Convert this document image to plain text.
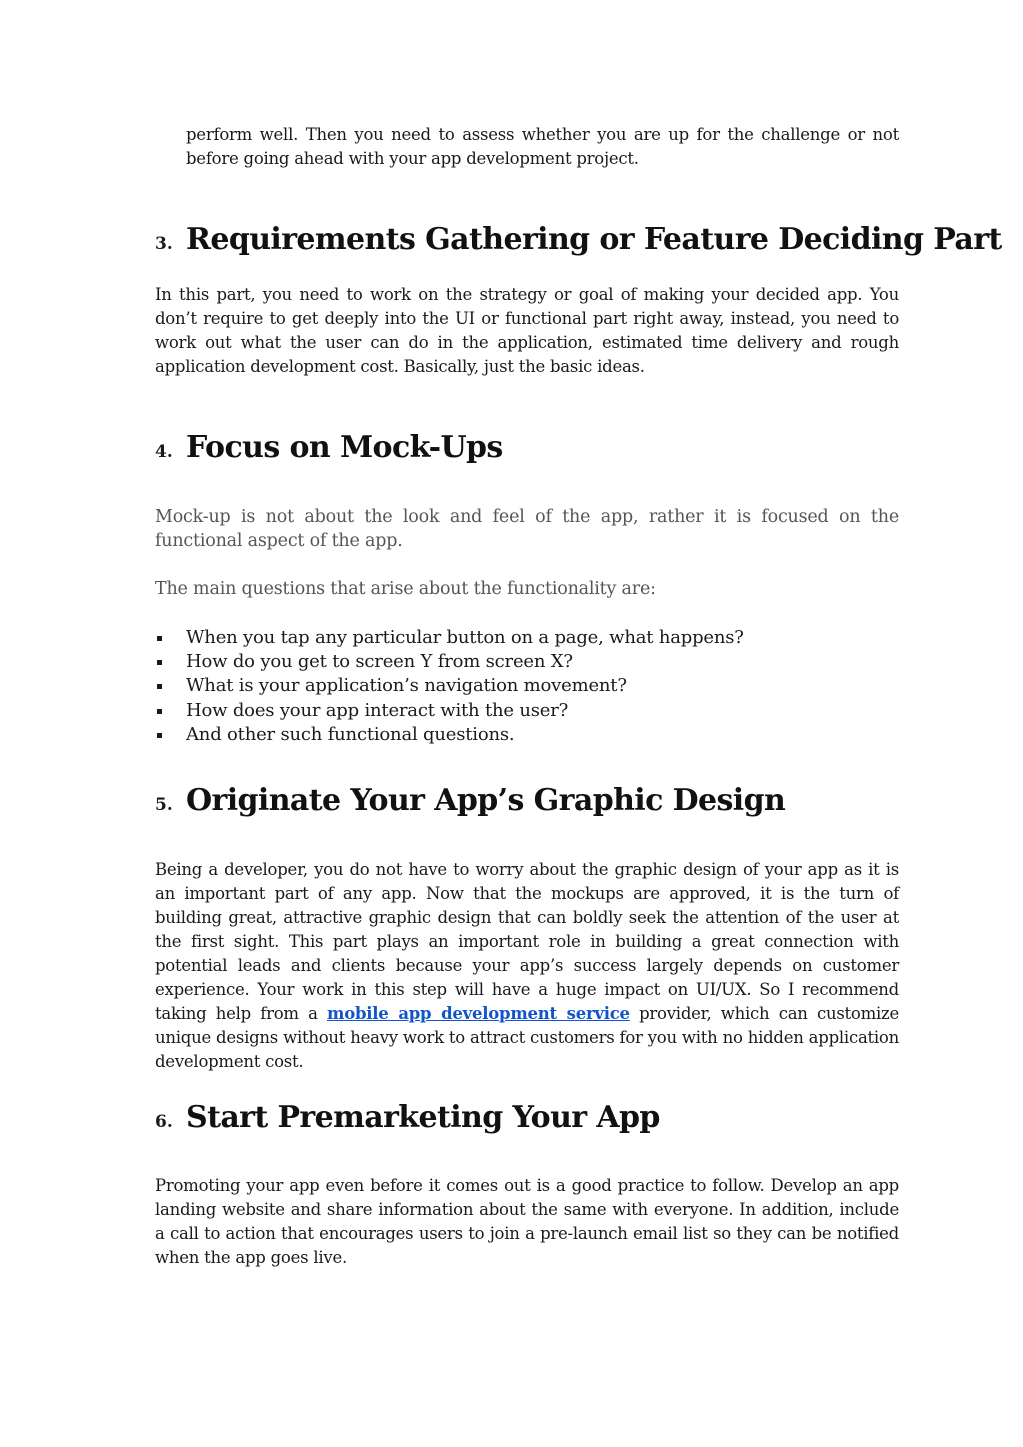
perform well. Then you need to assess whether you are up for the challenge or not before going ahead with your app development project.

3. Requirements Gathering or Feature Deciding Part

In this part, you need to work on the strategy or goal of making your decided app. You don’t require to get deeply into the UI or functional part right away, instead, you need to work out what the user can do in the application, estimated time delivery and rough application development cost. Basically, just the basic ideas.

4. Focus on Mock-Ups

Mock-up is not about the look and feel of the app, rather it is focused on the functional aspect of the app.

The main questions that arise about the functionality are:

When you tap any particular button on a page, what happens?
How do you get to screen Y from screen X?
What is your application’s navigation movement?
How does your app interact with the user?
And other such functional questions.
5. Originate Your App’s Graphic Design

Being a developer, you do not have to worry about the graphic design of your app as it is an important part of any app. Now that the mockups are approved, it is the turn of building great, attractive graphic design that can boldly seek the attention of the user at the first sight. This part plays an important role in building a great connection with potential leads and clients because your app’s success largely depends on customer experience. Your work in this step will have a huge impact on UI/UX. So I recommend taking help from a mobile app development service provider, which can customize unique designs without heavy work to attract customers for you with no hidden application development cost.

6. Start Premarketing Your App

Promoting your app even before it comes out is a good practice to follow. Develop an app landing website and share information about the same with everyone. In addition, include a call to action that encourages users to join a pre-launch email list so they can be notified when the app goes live.
